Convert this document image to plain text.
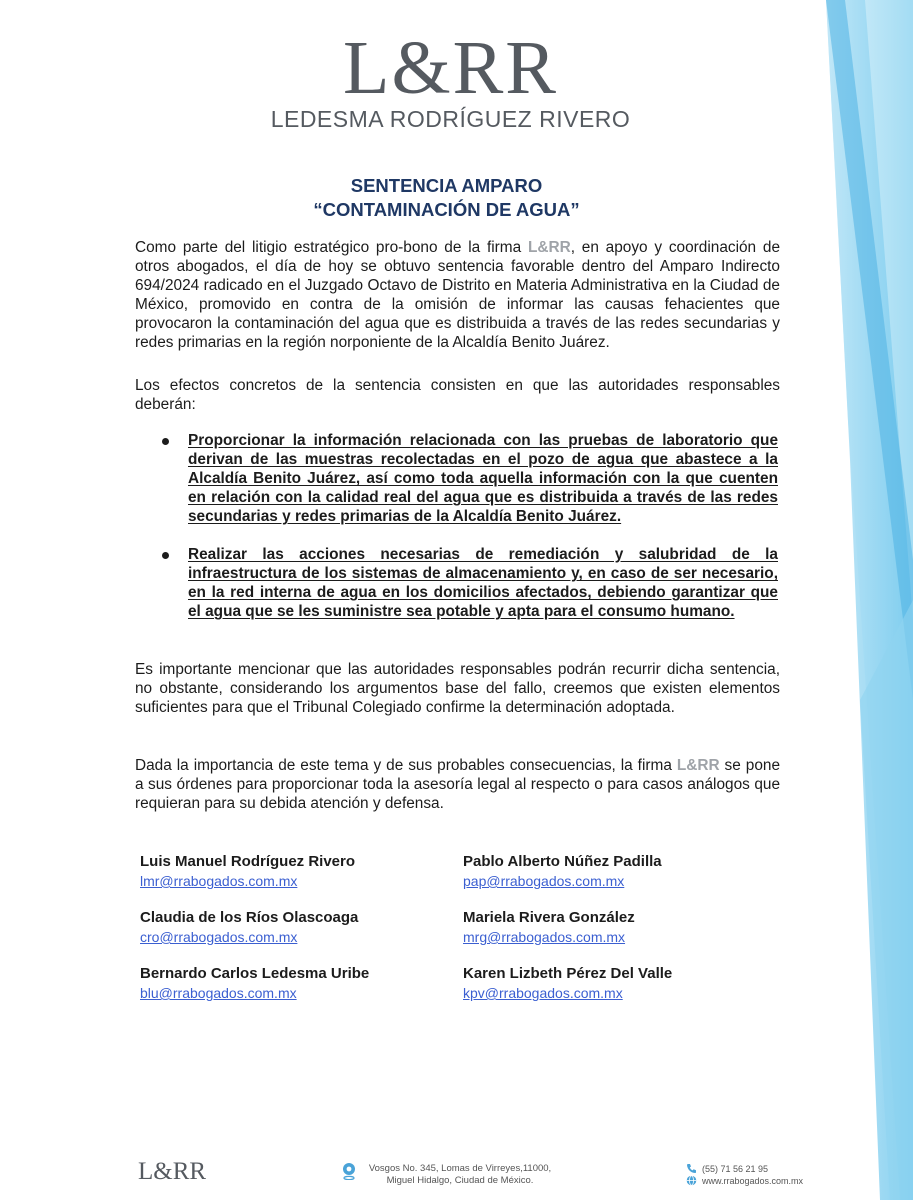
L&RR
LEDESMA RODRÍGUEZ RIVERO
SENTENCIA AMPARO
“CONTAMINACIÓN DE AGUA”
Como parte del litigio estratégico pro-bono de la firma L&RR, en apoyo y coordinación de otros abogados, el día de hoy se obtuvo sentencia favorable dentro del Amparo Indirecto 694/2024 radicado en el Juzgado Octavo de Distrito en Materia Administrativa en la Ciudad de México, promovido en contra de la omisión de informar las causas fehacientes que provocaron la contaminación del agua que es distribuida a través de las redes secundarias y redes primarias en la región norponiente de la Alcaldía Benito Juárez.
Los efectos concretos de la sentencia consisten en que las autoridades responsables deberán:
Proporcionar la información relacionada con las pruebas de laboratorio que derivan de las muestras recolectadas en el pozo de agua que abastece a la Alcaldía Benito Juárez, así como toda aquella información con la que cuenten en relación con la calidad real del agua que es distribuida a través de las redes secundarias y redes primarias de la Alcaldía Benito Juárez.
Realizar las acciones necesarias de remediación y salubridad de la infraestructura de los sistemas de almacenamiento y, en caso de ser necesario, en la red interna de agua en los domicilios afectados, debiendo garantizar que el agua que se les suministre sea potable y apta para el consumo humano.
Es importante mencionar que las autoridades responsables podrán recurrir dicha sentencia, no obstante, considerando los argumentos base del fallo, creemos que existen elementos suficientes para que el Tribunal Colegiado confirme la determinación adoptada.
Dada la importancia de este tema y de sus probables consecuencias, la firma L&RR se pone a sus órdenes para proporcionar toda la asesoría legal al respecto o para casos análogos que requieran para su debida atención y defensa.
Luis Manuel Rodríguez Rivero
lmr@rrabogados.com.mx
Pablo Alberto Núñez Padilla
pap@rrabogados.com.mx
Claudia de los Ríos Olascoaga
cro@rrabogados.com.mx
Mariela Rivera González
mrg@rrabogados.com.mx
Bernardo Carlos Ledesma Uribe
blu@rrabogados.com.mx
Karen Lizbeth Pérez Del Valle
kpv@rrabogados.com.mx
L&RR	Vosgos No. 345, Lomas de Virreyes,11000,
Miguel Hidalgo, Ciudad de México.
(55) 71 56 21 95
www.rrabogados.com.mx
